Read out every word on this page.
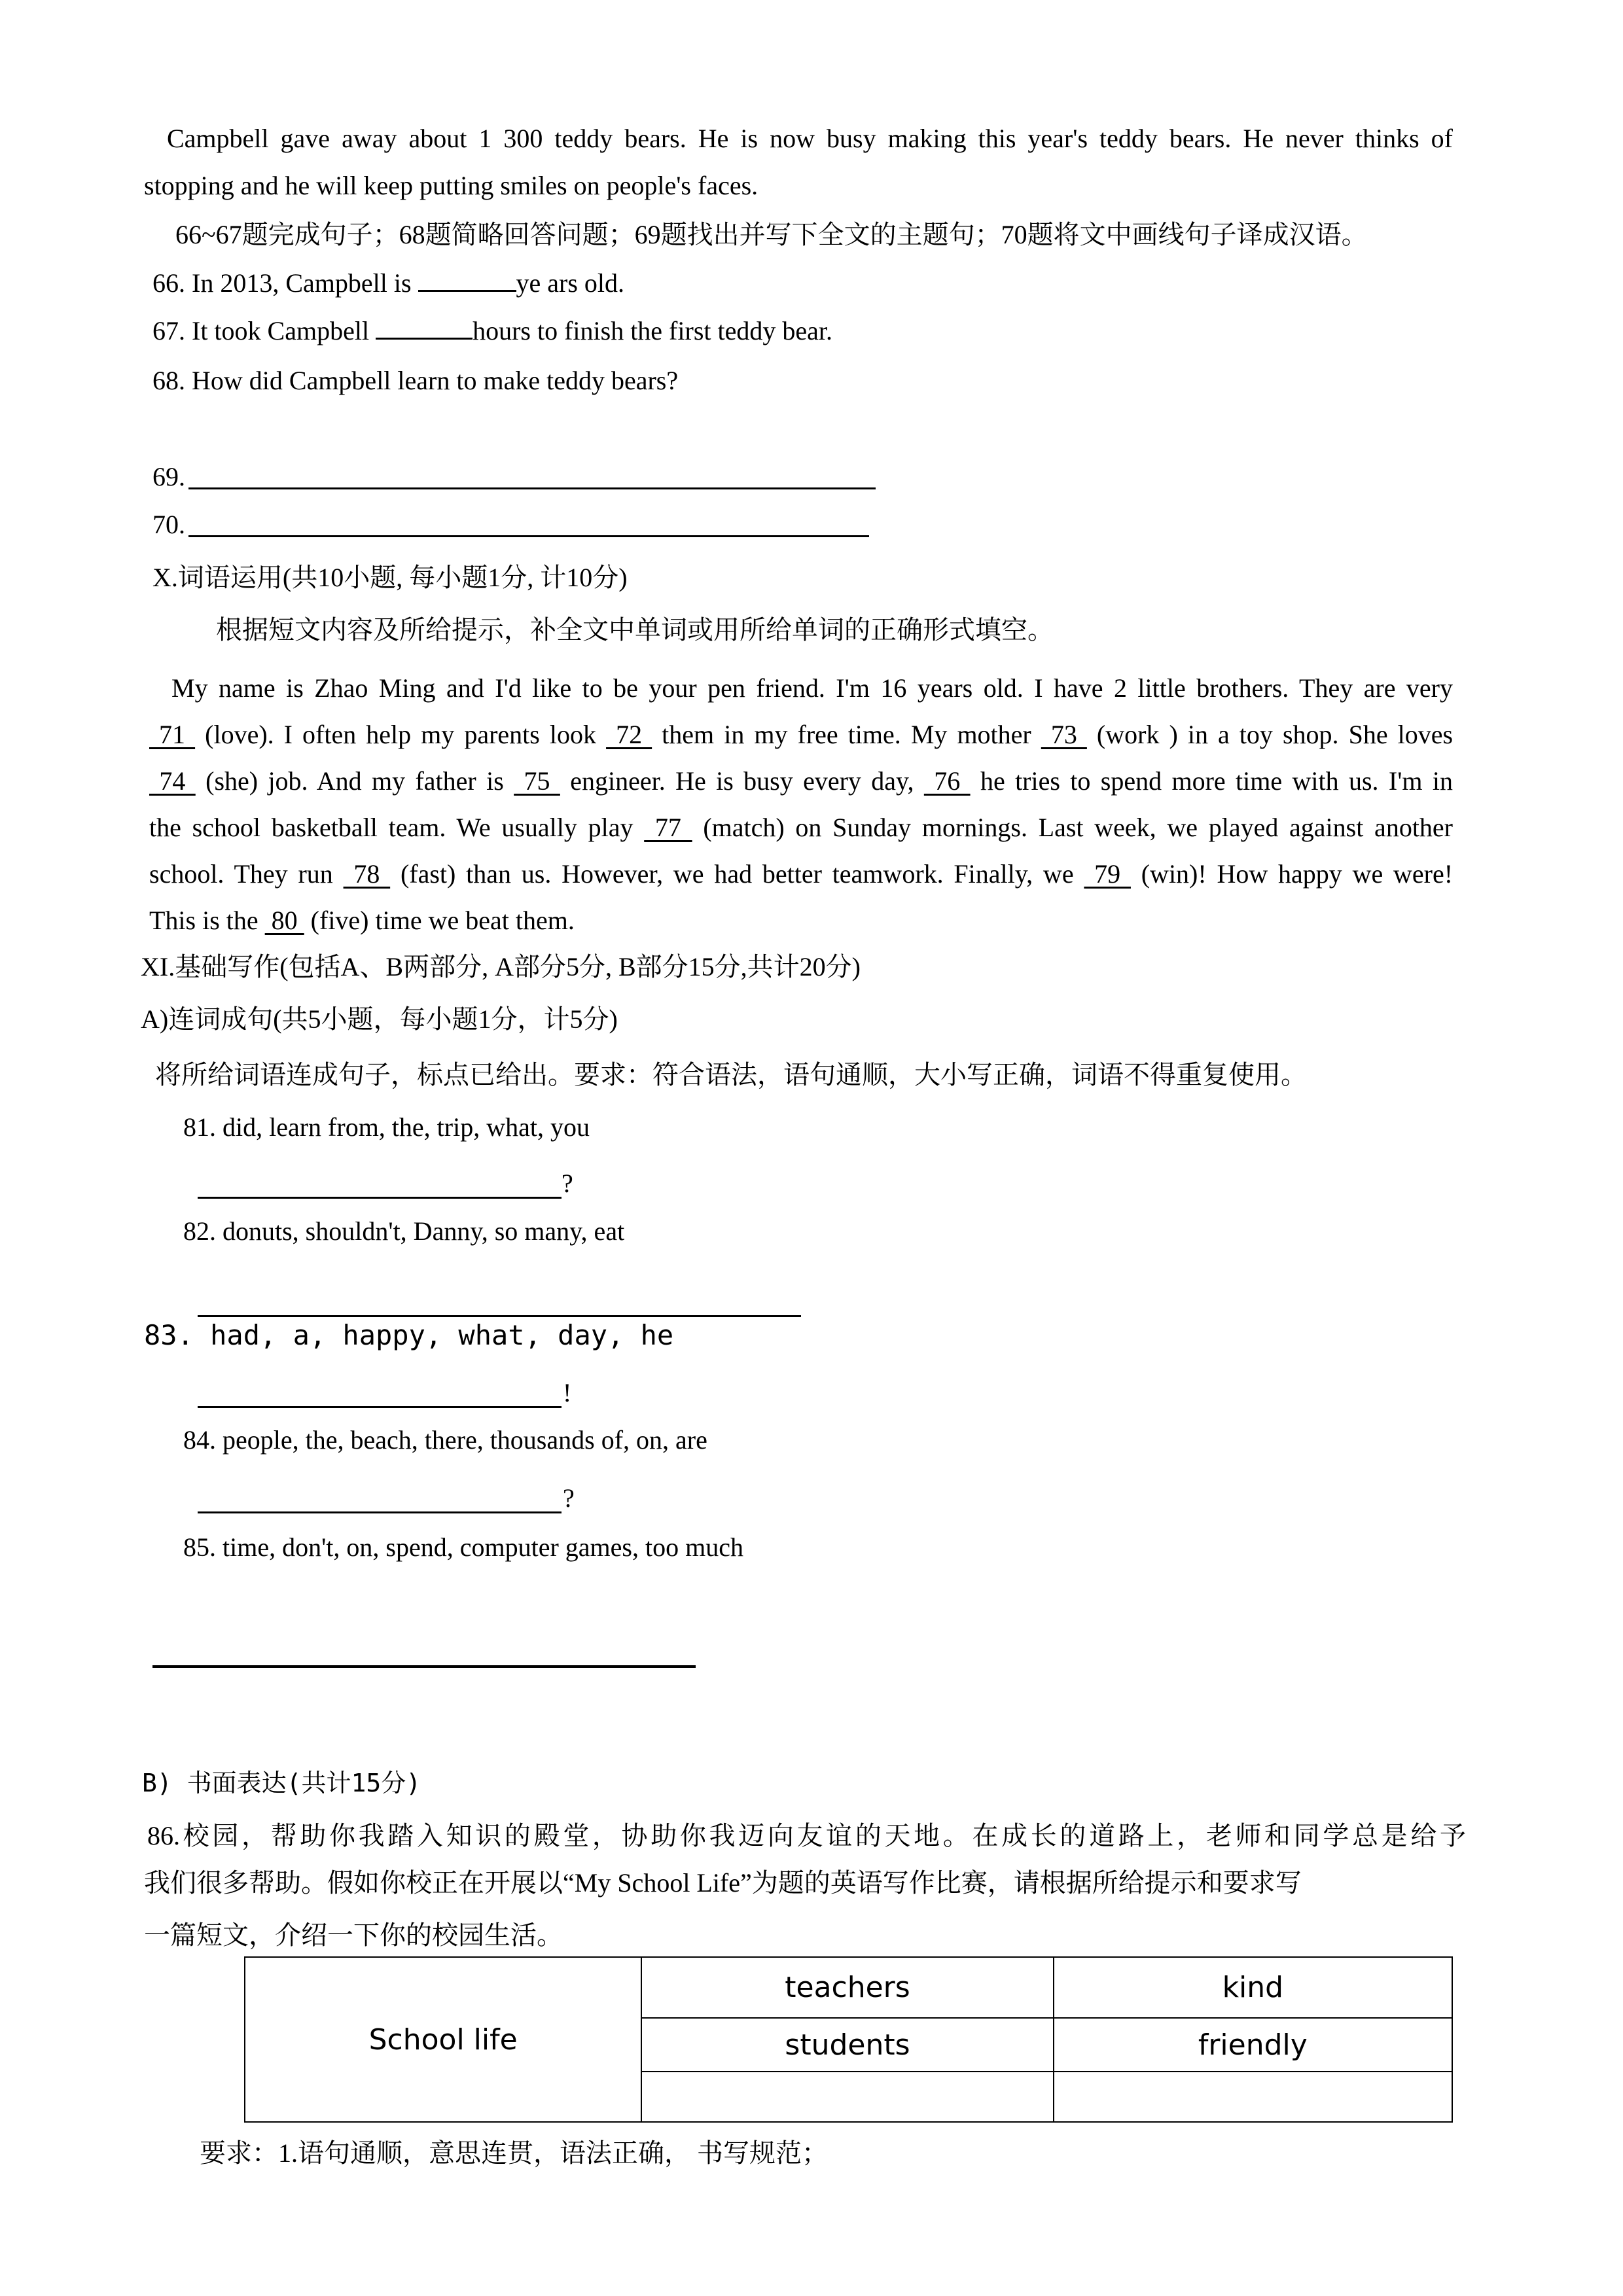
Campbell gave away about 1 300 teddy bears. He is now busy making this year's teddy bears. He never thinks of
stopping and he will keep putting smiles on people's faces.
66~67题完成句子；68题简略回答问题；69题找出并写下全文的主题句；70题将文中画线句子译成汉语。
66. In 2013, Campbell is	ye ars old.
67. It took Campbell	hours to finish the first teddy bear.
68. How did Campbell learn to make teddy bears?
69.
70.
X.词语运用(共10小题, 每小题1分, 计10分)
根据短文内容及所给提示，补全文中单词或用所给单词的正确形式填空。
My name is Zhao Ming and I'd like to be your pen friend. I'm 16 years old. I have 2 little brothers. They are very
71  (love). I often help my parents look  72  them in my free time. My mother  73  (work ) in a toy shop. She loves
74  (she) job. And my father is  75  engineer. He is busy every day,  76  he tries to spend more time with us. I'm in
the school basketball team. We usually play  77  (match) on Sunday mornings. Last week, we played against another
school. They run  78  (fast) than us. However, we had better teamwork. Finally, we  79  (win)! How happy we were!
This is the  80  (five) time we beat them.
XI.基础写作(包括A、B两部分, A部分5分, B部分15分,共计20分)
A)连词成句(共5小题，每小题1分，计5分)
将所给词语连成句子，标点已给出。要求：符合语法，语句通顺，大小写正确，词语不得重复使用。
81. did, learn from, the, trip, what, you
?
82. donuts, shouldn't, Danny, so many, eat
83. had, a, happy, what, day, he
!
84. people, the, beach, there, thousands of, on, are
?
85. time, don't, on, spend, computer games, too much
B) 书面表达(共计15分)
86.校园，帮助你我踏入知识的殿堂，协助你我迈向友谊的天地。在成长的道路上，老师和同学总是给予
我们很多帮助。假如你校正在开展以“My School Life”为题的英语写作比赛，请根据所给提示和要求写
一篇短文，介绍一下你的校园生活。
School life	teachers	kind
	students	friendly

要求：1.语句通顺，意思连贯，语法正确， 书写规范；
